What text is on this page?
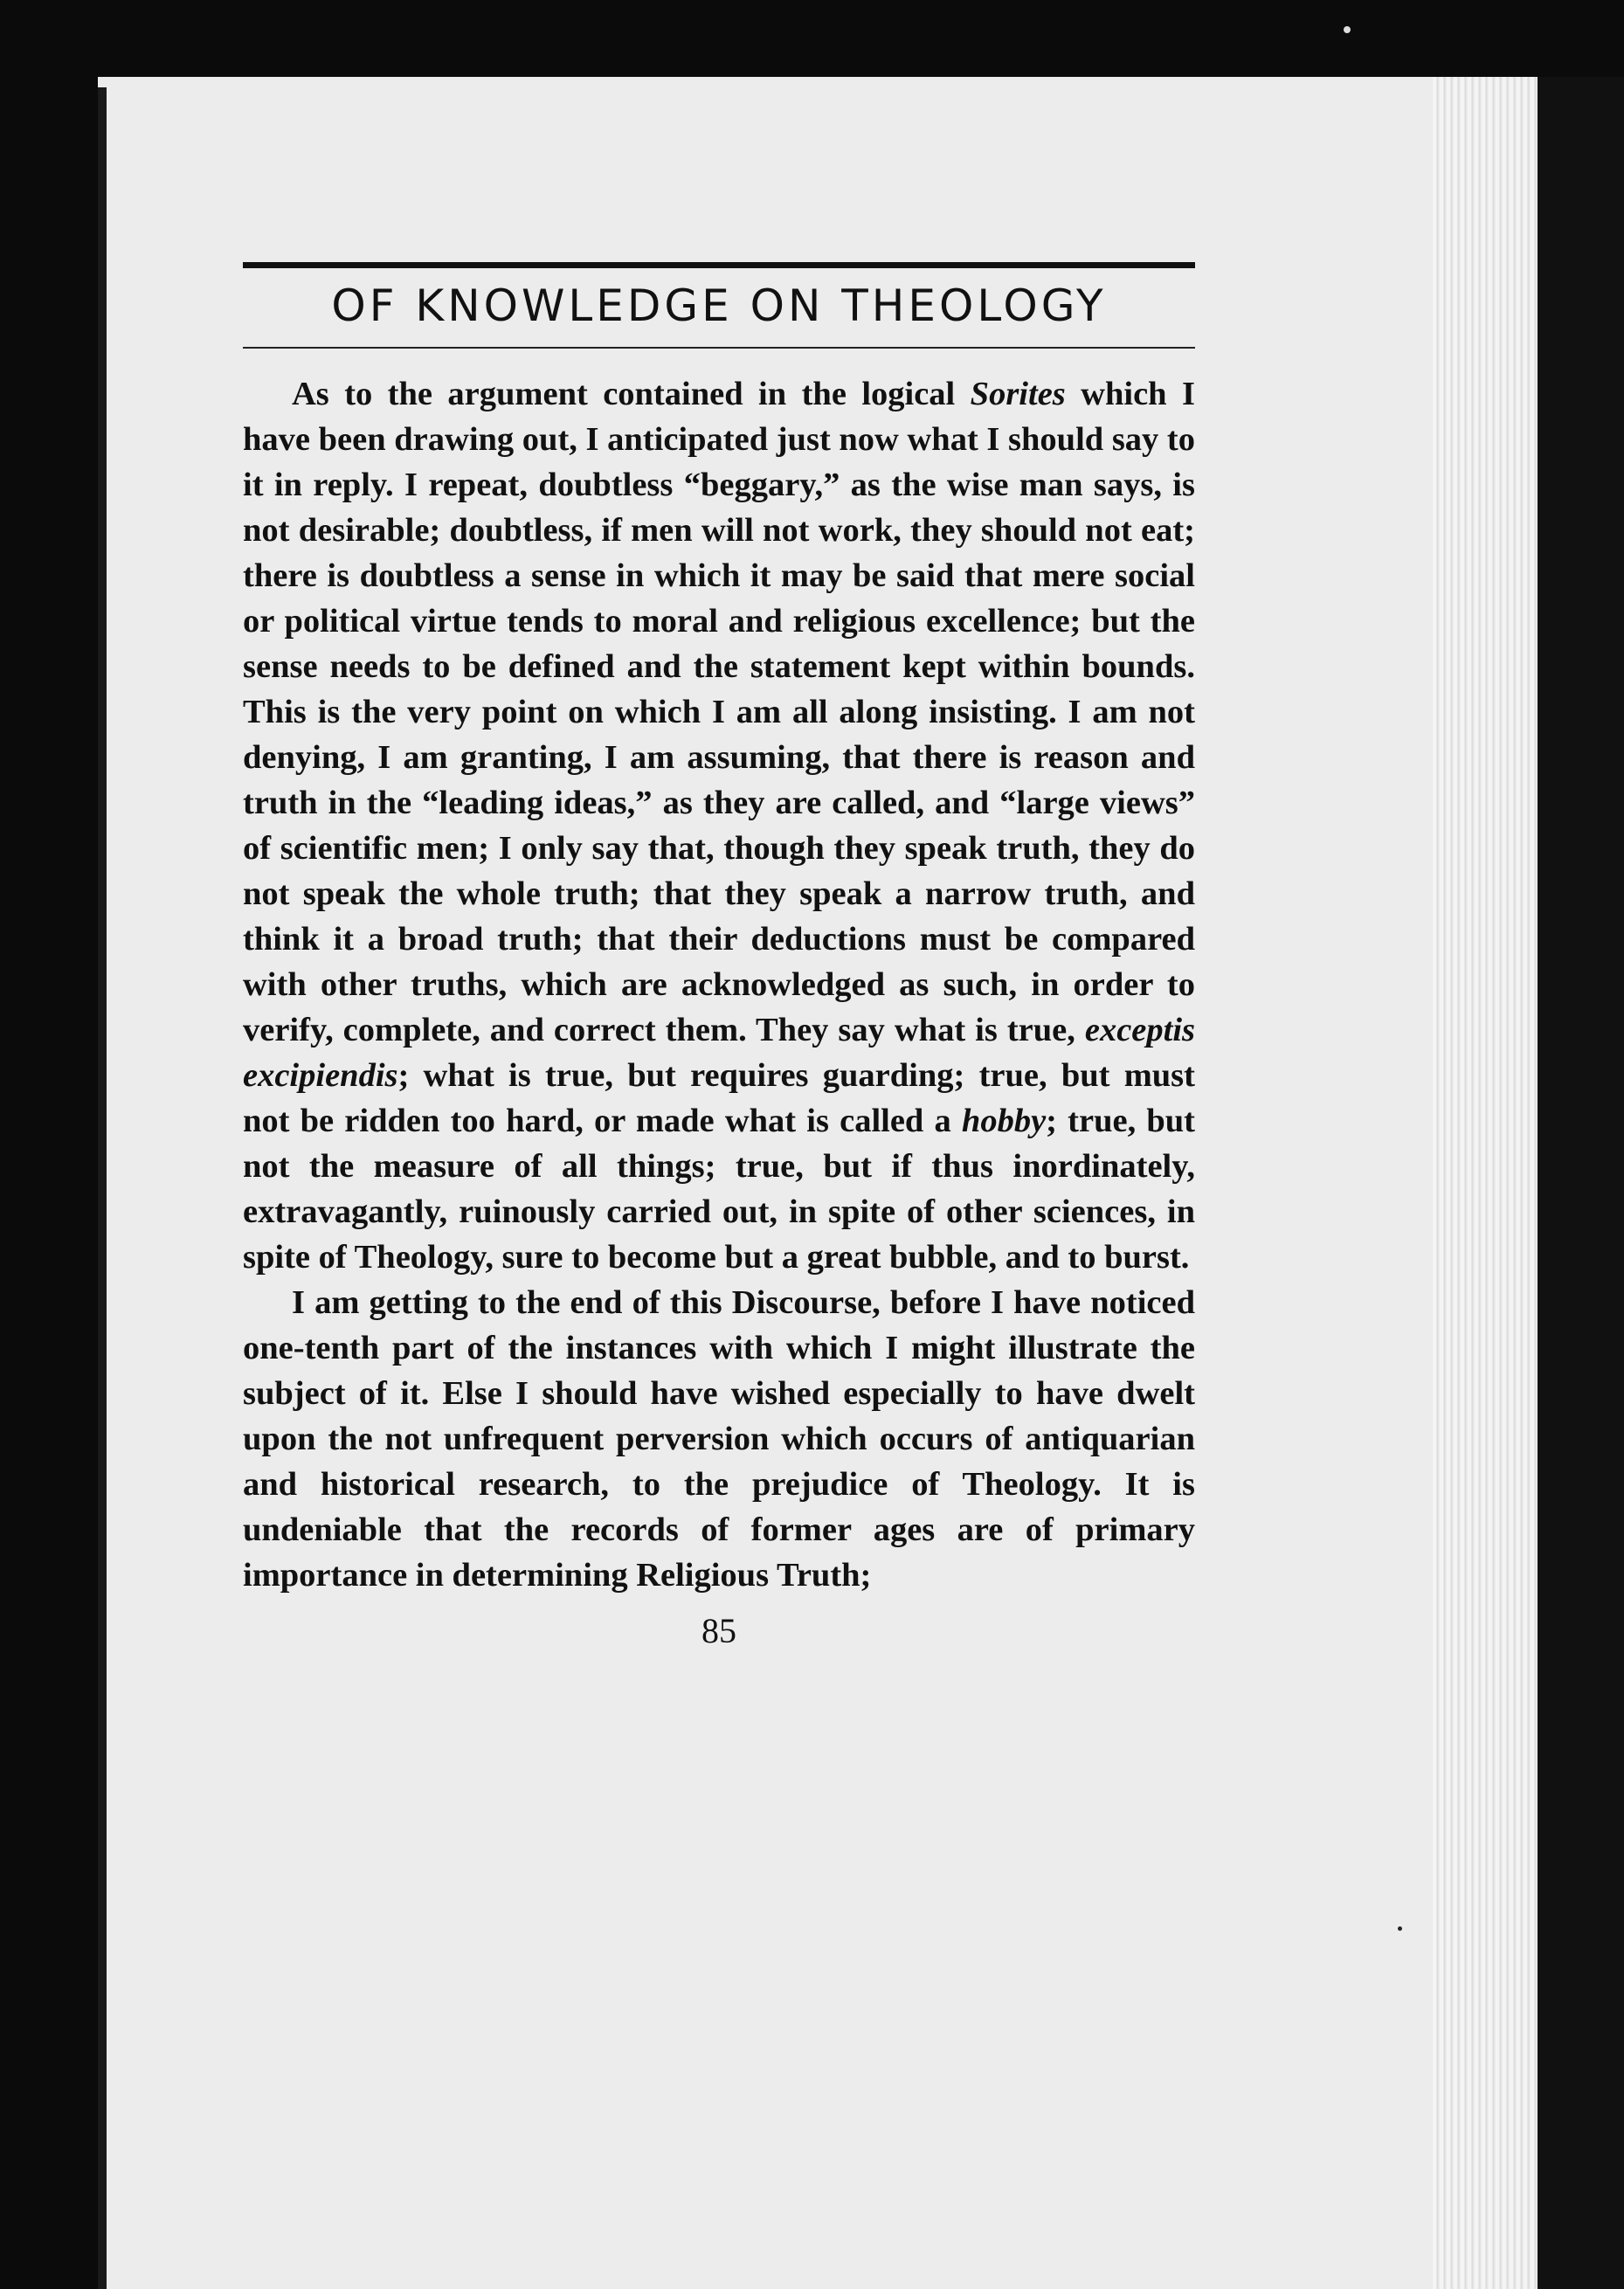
OF KNOWLEDGE ON THEOLOGY

As to the argument contained in the logical Sorites which I have been drawing out, I anticipated just now what I should say to it in reply. I repeat, doubtless “beggary,” as the wise man says, is not desirable; doubtless, if men will not work, they should not eat; there is doubtless a sense in which it may be said that mere social or political virtue tends to moral and religious excellence; but the sense needs to be defined and the statement kept within bounds. This is the very point on which I am all along insisting. I am not denying, I am granting, I am assuming, that there is reason and truth in the “leading ideas,” as they are called, and “large views” of scientific men; I only say that, though they speak truth, they do not speak the whole truth; that they speak a narrow truth, and think it a broad truth; that their deductions must be compared with other truths, which are acknowledged as such, in order to verify, complete, and correct them. They say what is true, exceptis excipiendis; what is true, but requires guarding; true, but must not be ridden too hard, or made what is called a hobby; true, but not the measure of all things; true, but if thus inordinately, extravagantly, ruinously carried out, in spite of other sciences, in spite of Theology, sure to become but a great bubble, and to burst.

I am getting to the end of this Discourse, before I have noticed one-tenth part of the instances with which I might illustrate the subject of it. Else I should have wished especially to have dwelt upon the not unfrequent perversion which occurs of antiquarian and historical research, to the prejudice of Theology. It is undeniable that the records of former ages are of primary importance in determining Religious Truth;

85
